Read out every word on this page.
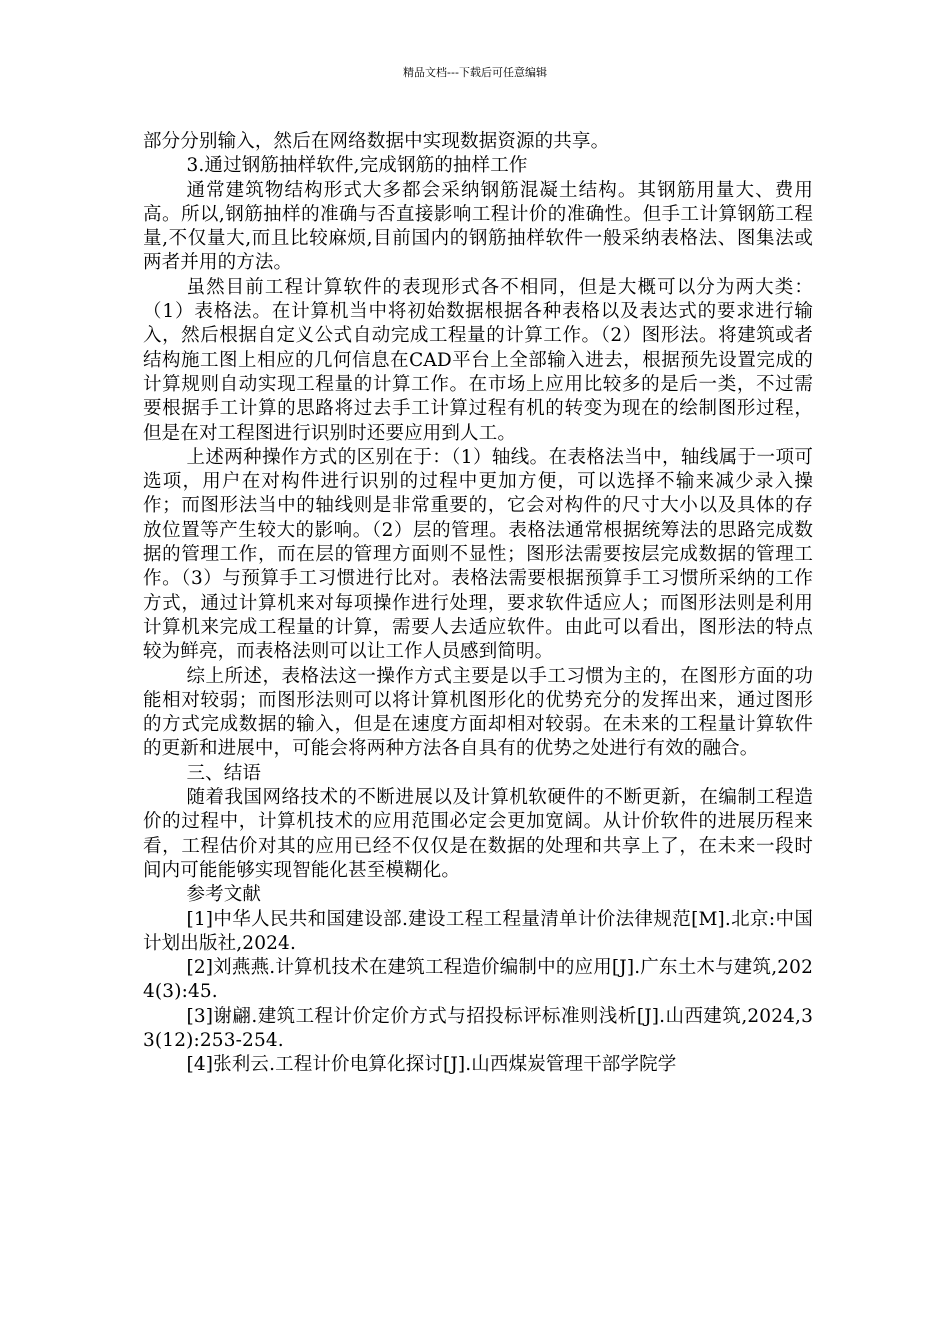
精品文档---下载后可任意编辑

部分分别输入，然后在网络数据中实现数据资源的共享。

3.通过钢筋抽样软件,完成钢筋的抽样工作

通常建筑物结构形式大多都会采纳钢筋混凝土结构。其钢筋用量大、费用高。所以,钢筋抽样的准确与否直接影响工程计价的准确性。但手工计算钢筋工程量,不仅量大,而且比较麻烦,目前国内的钢筋抽样软件一般采纳表格法、图集法或两者并用的方法。

虽然目前工程计算软件的表现形式各不相同，但是大概可以分为两大类：（1）表格法。在计算机当中将初始数据根据各种表格以及表达式的要求进行输入，然后根据自定义公式自动完成工程量的计算工作。（2）图形法。将建筑或者结构施工图上相应的几何信息在CAD平台上全部输入进去，根据预先设置完成的计算规则自动实现工程量的计算工作。在市场上应用比较多的是后一类，不过需要根据手工计算的思路将过去手工计算过程有机的转变为现在的绘制图形过程，但是在对工程图进行识别时还要应用到人工。

上述两种操作方式的区别在于：（1）轴线。在表格法当中，轴线属于一项可选项，用户在对构件进行识别的过程中更加方便，可以选择不输来减少录入操作；而图形法当中的轴线则是非常重要的，它会对构件的尺寸大小以及具体的存放位置等产生较大的影响。（2）层的管理。表格法通常根据统筹法的思路完成数据的管理工作，而在层的管理方面则不显性；图形法需要按层完成数据的管理工作。（3）与预算手工习惯进行比对。表格法需要根据预算手工习惯所采纳的工作方式，通过计算机来对每项操作进行处理，要求软件适应人；而图形法则是利用计算机来完成工程量的计算，需要人去适应软件。由此可以看出，图形法的特点较为鲜亮，而表格法则可以让工作人员感到简明。

综上所述，表格法这一操作方式主要是以手工习惯为主的，在图形方面的功能相对较弱；而图形法则可以将计算机图形化的优势充分的发挥出来，通过图形的方式完成数据的输入，但是在速度方面却相对较弱。在未来的工程量计算软件的更新和进展中，可能会将两种方法各自具有的优势之处进行有效的融合。

三、结语

随着我国网络技术的不断进展以及计算机软硬件的不断更新，在编制工程造价的过程中，计算机技术的应用范围必定会更加宽阔。从计价软件的进展历程来看，工程估价对其的应用已经不仅仅是在数据的处理和共享上了，在未来一段时间内可能能够实现智能化甚至模糊化。

参考文献

[1]中华人民共和国建设部.建设工程工程量清单计价法律规范[M].北京:中国计划出版社,2024.

[2]刘燕燕.计算机技术在建筑工程造价编制中的应用[J].广东土木与建筑,2024(3):45.

[3]谢翩.建筑工程计价定价方式与招投标评标准则浅析[J].山西建筑,2024,33(12):253-254.

[4]张利云.工程计价电算化探讨[J].山西煤炭管理干部学院学
